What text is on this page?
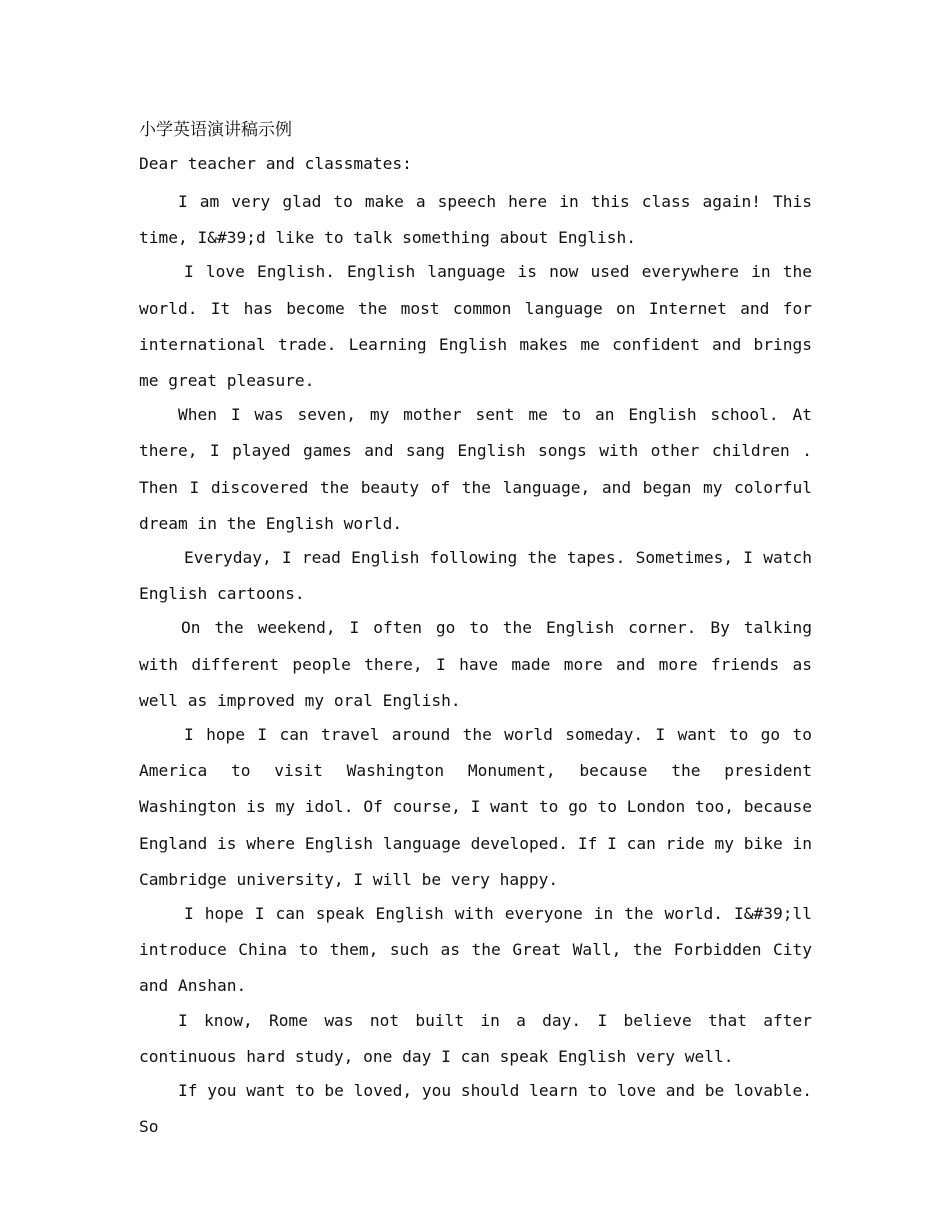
小学英语演讲稿示例
Dear teacher and classmates:

I am very glad to make a speech here in this class again! This time, I&#39;d like to talk something about English.

I love English. English language is now used everywhere in the world. It has become the most common language on Internet and for international trade. Learning English makes me confident and brings me great pleasure.

When I was seven, my mother sent me to an English school. At there, I played games and sang English songs with other children . Then I discovered the beauty of the language, and began my colorful dream in the English world.

Everyday, I read English following the tapes. Sometimes, I watch English cartoons.

On the weekend, I often go to the English corner. By talking with different people there, I have made more and more friends as well as improved my oral English.

I hope I can travel around the world someday. I want to go to America to visit Washington Monument, because the president Washington is my idol. Of course, I want to go to London too, because England is where English language developed. If I can ride my bike in Cambridge university, I will be very happy.

I hope I can speak English with everyone in the world. I&#39;ll introduce China to them, such as the Great Wall, the Forbidden City and Anshan.

I know, Rome was not built in a day. I believe that after continuous hard study, one day I can speak English very well.

If you want to be loved, you should learn to love and be lovable. So
